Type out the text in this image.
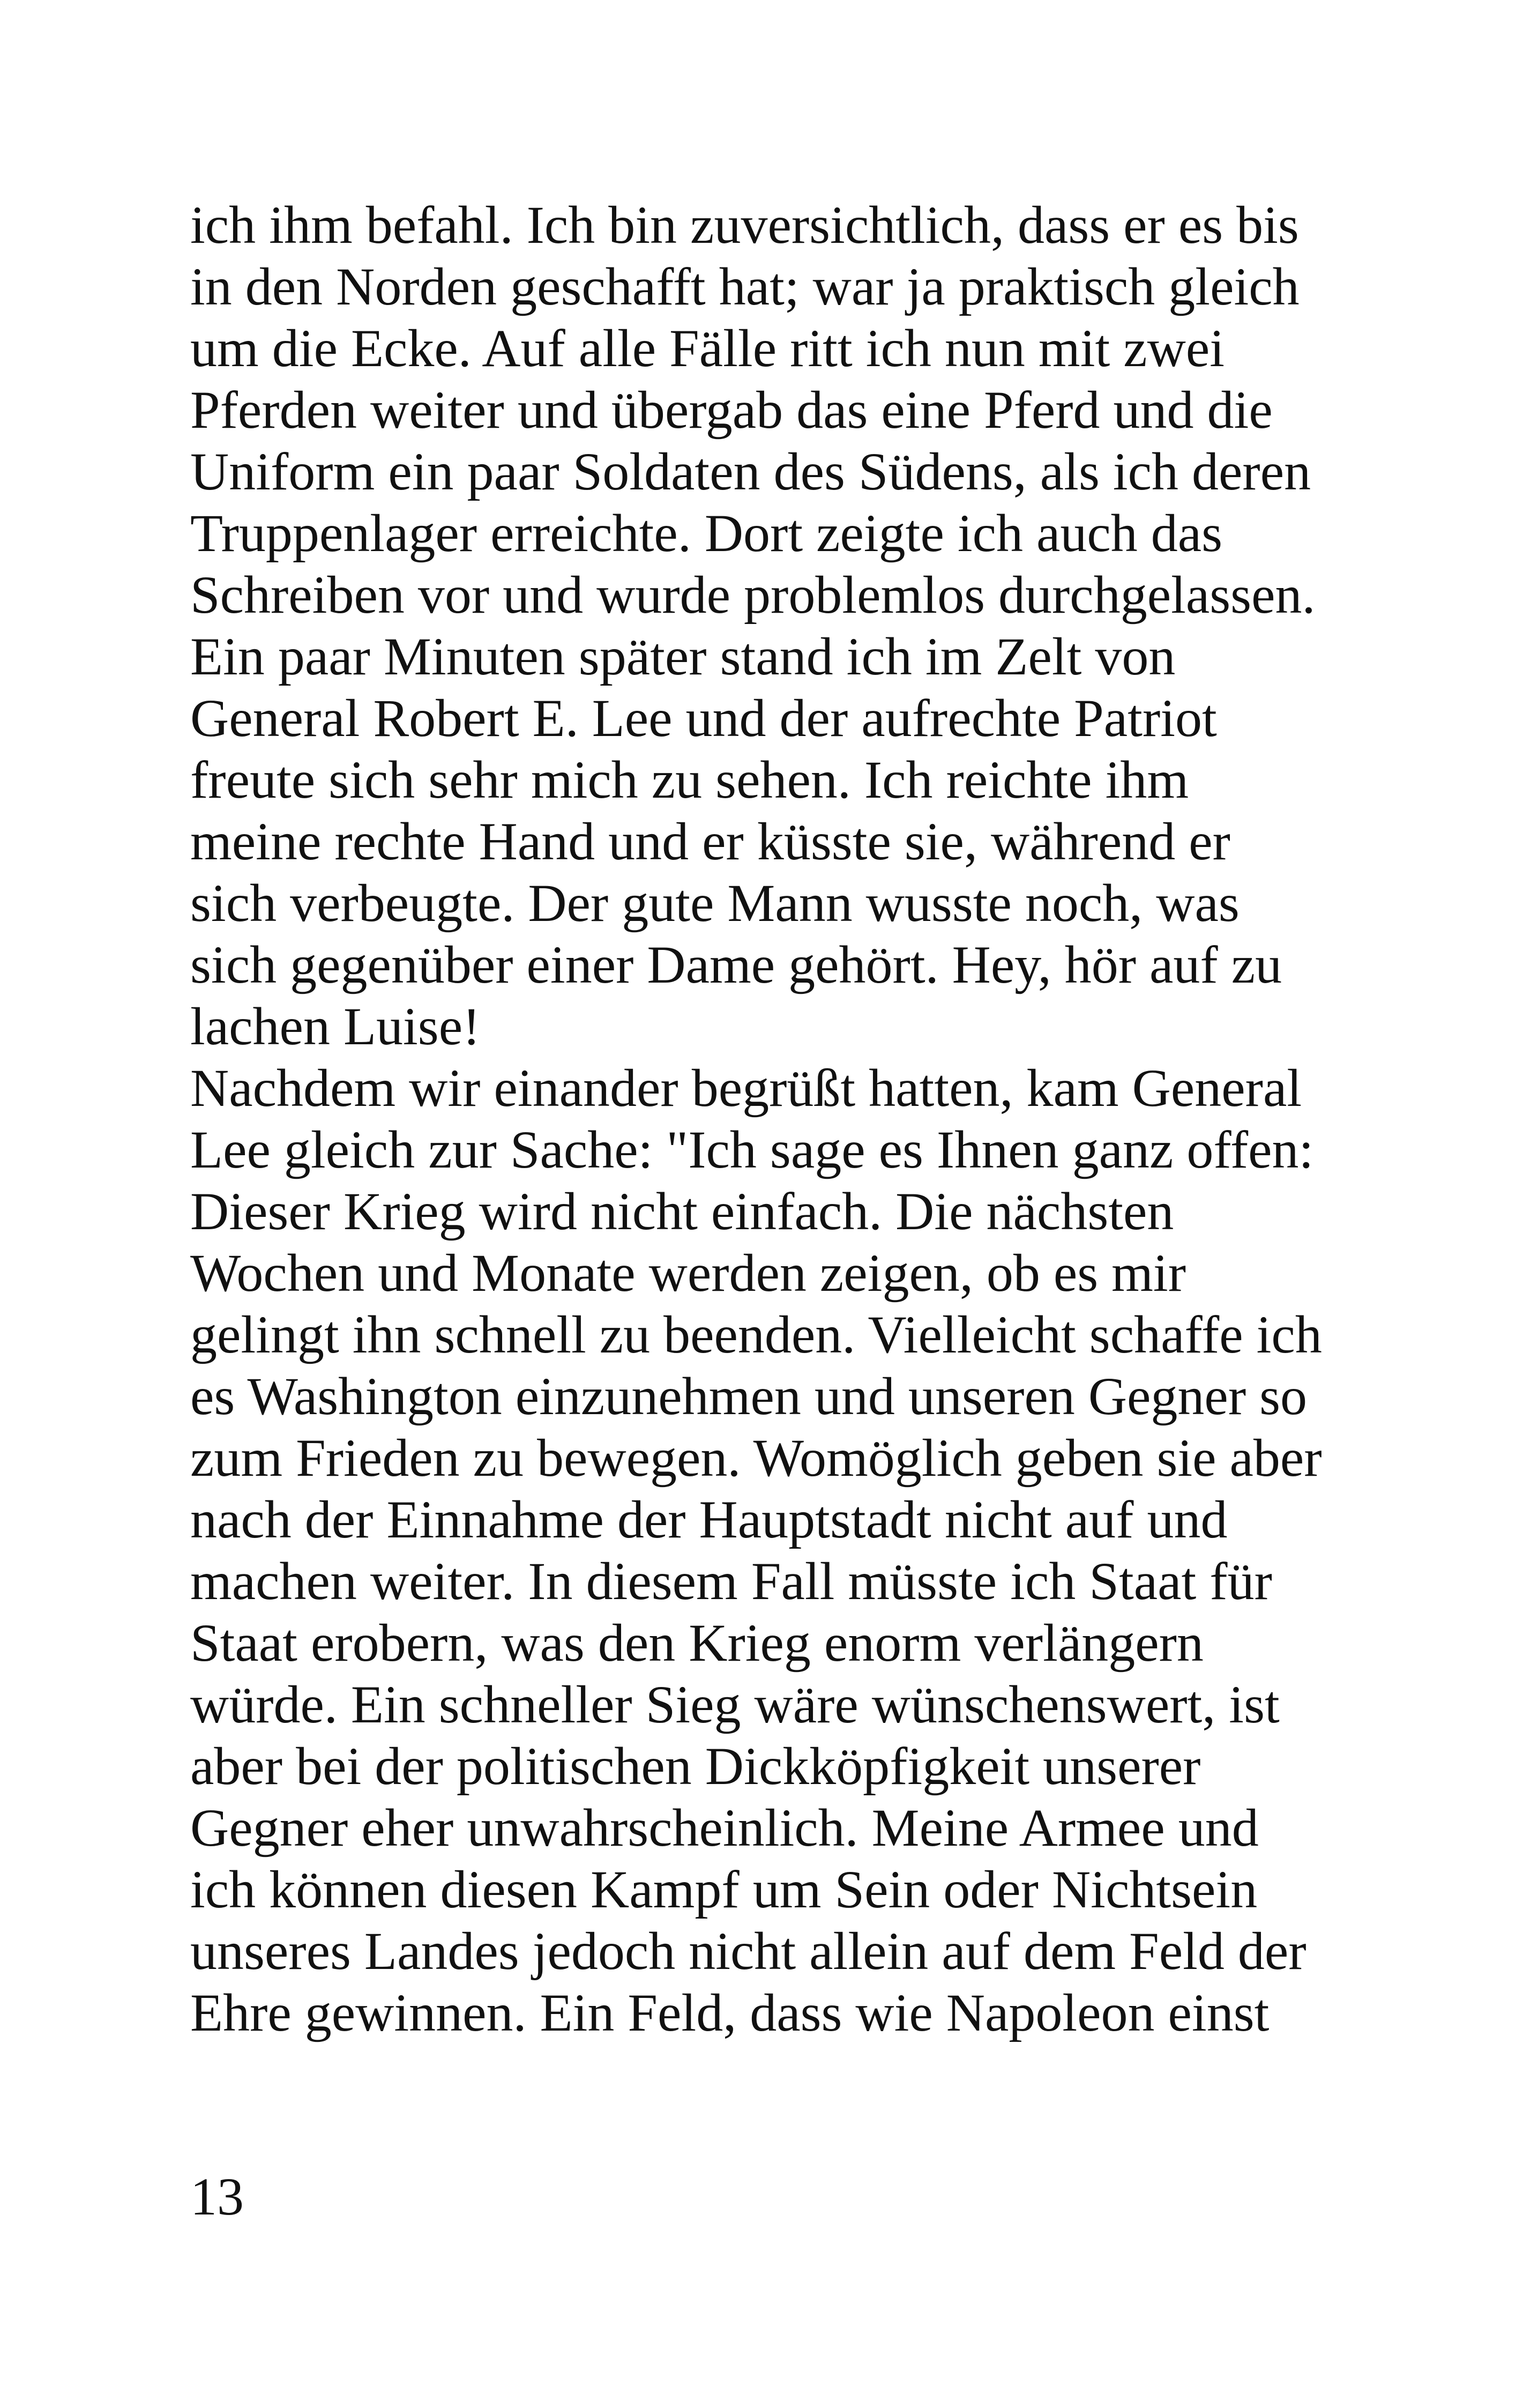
ich ihm befahl. Ich bin zuversichtlich, dass er es bis
in den Norden geschafft hat; war ja praktisch gleich
um die Ecke. Auf alle Fälle ritt ich nun mit zwei
Pferden weiter und übergab das eine Pferd und die
Uniform ein paar Soldaten des Südens, als ich deren
Truppenlager erreichte. Dort zeigte ich auch das
Schreiben vor und wurde problemlos durchgelassen.
Ein paar Minuten später stand ich im Zelt von
General Robert E. Lee und der aufrechte Patriot
freute sich sehr mich zu sehen. Ich reichte ihm
meine rechte Hand und er küsste sie, während er
sich verbeugte. Der gute Mann wusste noch, was
sich gegenüber einer Dame gehört. Hey, hör auf zu
lachen Luise!
Nachdem wir einander begrüßt hatten, kam General
Lee gleich zur Sache: "Ich sage es Ihnen ganz offen:
Dieser Krieg wird nicht einfach. Die nächsten
Wochen und Monate werden zeigen, ob es mir
gelingt ihn schnell zu beenden. Vielleicht schaffe ich
es Washington einzunehmen und unseren Gegner so
zum Frieden zu bewegen. Womöglich geben sie aber
nach der Einnahme der Hauptstadt nicht auf und
machen weiter. In diesem Fall müsste ich Staat für
Staat erobern, was den Krieg enorm verlängern
würde. Ein schneller Sieg wäre wünschenswert, ist
aber bei der politischen Dickköpfigkeit unserer
Gegner eher unwahrscheinlich. Meine Armee und
ich können diesen Kampf um Sein oder Nichtsein
unseres Landes jedoch nicht allein auf dem Feld der
Ehre gewinnen. Ein Feld, dass wie Napoleon einst
13
